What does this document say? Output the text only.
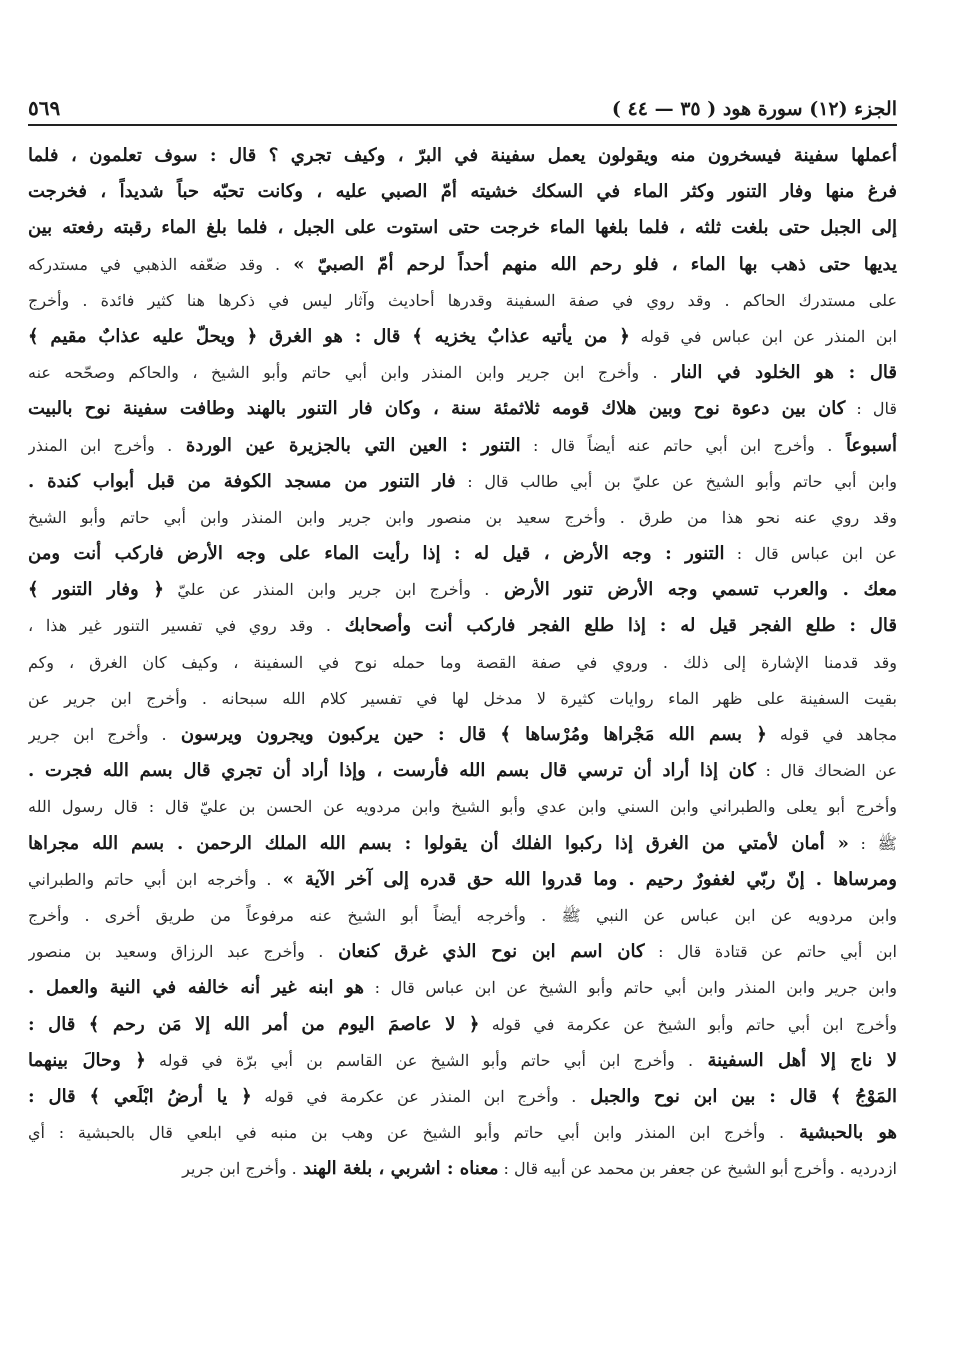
الجزء (١٢) سورة هود ( ٣٥ — ٤٤ )
٥٦٩
أعملها سفينة فيسخرون منه ويقولون يعمل سفينة في البرّ ، وكيف تجري ؟ قال : سوف تعلمون ، فلما
فرغ منها وفار التنور وكثر الماء في السكك خشيته أمّ الصبي عليه ، وكانت تحبّه حباً شديداً ، فخرجت
إلى الجبل حتى بلغت ثلثه ، فلما بلغها الماء خرجت حتى استوت على الجبل ، فلما بلغ الماء رقبته رفعته بين
يديها حتى ذهب بها الماء ، فلو رحم الله منهم أحداً لرحم أمّ الصبيّ » . وقد ضعّفه الذهبي في مستدركه
على مستدرك الحاكم . وقد روي في صفة السفينة وقدرها أحاديث وآثار ليس في ذكرها هنا كثير فائدة . وأخرج
ابن المنذر عن ابن عباس في قوله ﴿ من يأتيه عذابٌ يخزيه ﴾ قال : هو الغرق ﴿ ويحلّ عليه عذابٌ مقيم ﴾
قال : هو الخلود في النار . وأخرج ابن جرير وابن المنذر وابن أبي حاتم وأبو الشيخ ، والحاكم وصحّحه عنه
قال : كان بين دعوة نوح وبين هلاك قومه ثلاثمئة سنة ، وكان فار التنور بالهند وطافت سفينة نوح بالبيت
أسبوعاً . وأخرج ابن أبي حاتم عنه أيضاً قال : التنور : العين التي بالجزيرة عين الوردة . وأخرج ابن المنذر
وابن أبي حاتم وأبو الشيخ عن عليّ بن أبي طالب قال : فار التنور من مسجد الكوفة من قبل أبواب كندة .
وقد روي عنه نحو هذا من طرق . وأخرج سعيد بن منصور وابن جرير وابن المنذر وابن أبي حاتم وأبو الشيخ
عن ابن عباس قال : التنور : وجه الأرض ، قيل له : إذا رأيت الماء على وجه الأرض فاركب أنت ومن
معك . والعرب تسمي وجه الأرض تنور الأرض . وأخرج ابن جرير وابن المنذر عن عليّ ﴿ وفار التنور ﴾
قال : طلع الفجر قيل له : إذا طلع الفجر فاركب أنت وأصحابك . وقد روي في تفسير التنور غير هذا ،
وقد قدمنا الإشارة إلى ذلك . وروي في صفة القصة وما حمله نوح في السفينة ، وكيف كان الغرق ، وكم
بقيت السفينة على ظهر الماء روايات كثيرة لا مدخل لها في تفسير كلام الله سبحانه . وأخرج ابن جرير عن
مجاهد في قوله ﴿ بسم الله مَجْراها ومُرْساها ﴾ قال : حين يركبون ويجرون ويرسون . وأخرج ابن جرير
عن الضحاك قال : كان إذا أراد أن ترسي قال بسم الله فأرست ، وإذا أراد أن تجري قال بسم الله فجرت .
وأخرج أبو يعلى والطبراني وابن السني وابن عدي وأبو الشيخ وابن مردويه عن الحسن بن عليّ قال : قال رسول الله
ﷺ : « أمان لأمتي من الغرق إذا ركبوا الفلك أن يقولوا : بسم الله الملك الرحمن . بسم الله مجراها
ومرساها . إنّ ربّي لغفورٌ رحيم . وما قدروا الله حق قدره إلى آخر الآية » . وأخرجه ابن أبي حاتم والطبراني
وابن مردويه عن ابن عباس عن النبي ﷺ . وأخرجه أيضاً أبو الشيخ عنه مرفوعاً من طريق أخرى . وأخرج
ابن أبي حاتم عن قتادة قال : كان اسم ابن نوح الذي غرق كنعان . وأخرج عبد الرزاق وسعيد بن منصور
وابن جرير وابن المنذر وابن أبي حاتم وأبو الشيخ عن ابن عباس قال : هو ابنه غير أنه خالفه في النية والعمل .
وأخرج ابن أبي حاتم وأبو الشيخ عن عكرمة في قوله ﴿ لا عاصمَ اليوم من أمر الله إلا مَن رحم ﴾ قال :
لا ناج إلا أهل السفينة . وأخرج ابن أبي حاتم وأبو الشيخ عن القاسم بن أبي برّة في قوله ﴿ وحالَ بينهما
المَوْجُ ﴾ قال : بين ابن نوح والجبل . وأخرج ابن المنذر عن عكرمة في قوله ﴿ يا أرضُ ابْلَعي ﴾ قال :
هو بالحبشية . وأخرج ابن المنذر وابن أبي حاتم وأبو الشيخ عن وهب بن منبه في ابلعي قال بالحبشية : أي
ازدرديه . وأخرج أبو الشيخ عن جعفر بن محمد عن أبيه قال : معناه : اشربي ، بلغة الهند . وأخرج ابن جرير
